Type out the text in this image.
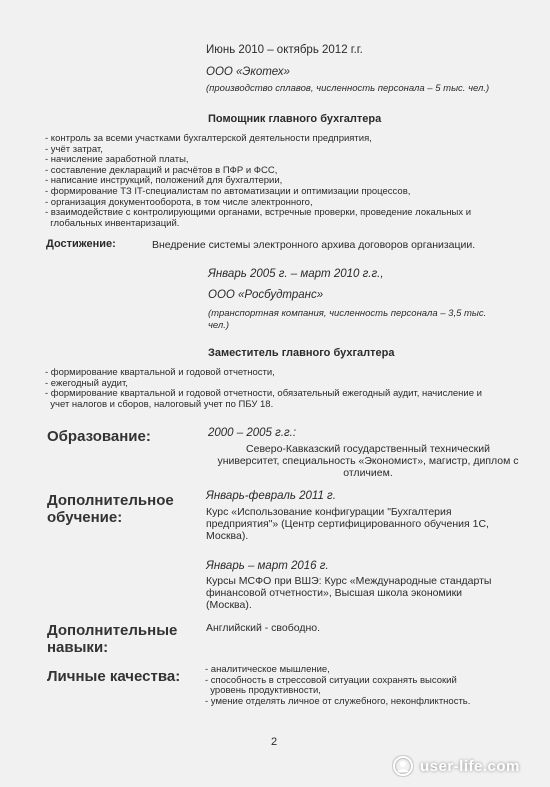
Июнь 2010 – октябрь 2012 г.г.
ООО «Экотех»
(производство сплавов, численность персонала – 5 тыс. чел.)
Помощник главного бухгалтера
- контроль за всеми участками бухгалтерской деятельности предприятия,
- учёт затрат,
- начисление заработной платы,
- составление деклараций и расчётов в ПФР и ФСС,
- написание инструкций, положений для бухгалтерии,
- формирование ТЗ IT-специалистам по автоматизации и оптимизации процессов,
- организация документооборота, в том числе электронного,
- взаимодействие с контролирующими органами, встречные проверки, проведение локальных и
глобальных инвентаризаций.
Достижение:	Внедрение системы электронного архива договоров организации.
Январь 2005 г. – март 2010 г.г.,
ООО «Росбудтранс»
(транспортная компания, численность персонала – 3,5 тыс.
чел.)
Заместитель главного бухгалтера
- формирование квартальной и годовой отчетности,
- ежегодный аудит,
- формирование квартальной и годовой отчетности, обязательный ежегодный аудит, начисление и
учет налогов и сборов, налоговый учет по ПБУ 18.
Образование:	2000 – 2005 г.г.:
Северо-Кавказский государственный технический
университет, специальность «Экономист», магистр, диплом с
отличием.
Дополнительное
обучение:
Январь-февраль 2011 г.
Курс «Использование конфигурации "Бухгалтерия
предприятия"» (Центр сертифицированного обучения 1С,
Москва).
Январь – март 2016 г.
Курсы МСФО при ВШЭ: Курс «Международные стандарты
финансовой отчетности», Высшая школа экономики
(Москва).
Дополнительные
навыки:
Английский - свободно.
Личные качества:	- аналитическое мышление,
- способность в стрессовой ситуации сохранять высокий
уровень продуктивности,
- умение отделять личное от служебного, неконфликтность.
2
user-life.com
